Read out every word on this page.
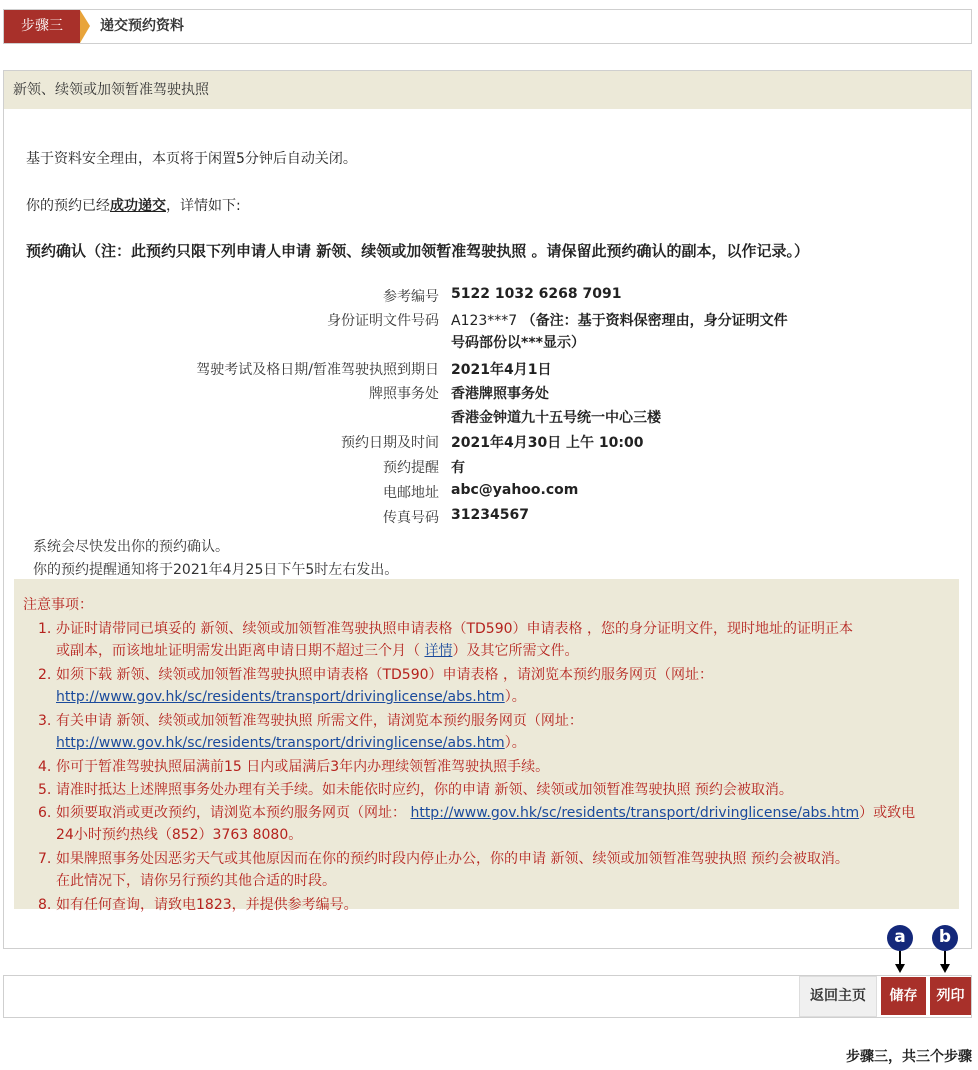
步骤三	递交预约资料
新领、续领或加领暂准驾驶执照
基于资料安全理由，本页将于闲置5分钟后自动关闭。
你的预约已经成功递交，详情如下:
预约确认（注：此预约只限下列申请人申请 新领、续领或加领暂准驾驶执照 。请保留此预约确认的副本，以作记录。）
参考编号 5122 1032 6268 7091
身份证明文件号码 A123***7 （备注：基于资料保密理由，身分证明文件
号码部份以***显示）
驾驶考试及格日期/暂准驾驶执照到期日 2021年4月1日
牌照事务处 香港牌照事务处
香港金钟道九十五号统一中心三楼
预约日期及时间 2021年4月30日 上午 10:00
预约提醒 有
电邮地址 abc@yahoo.com
传真号码 31234567
系统会尽快发出你的预约确认。
你的预约提醒通知将于2021年4月25日下午5时左右发出。
注意事项：
1. 办证时请带同已填妥的 新领、续领或加领暂准驾驶执照申请表格（TD590）申请表格 ，您的身分证明文件，现时地址的证明正本
或副本，而该地址证明需发出距离申请日期不超过三个月（ 详情）及其它所需文件。
2. 如须下载 新领、续领或加领暂准驾驶执照申请表格（TD590）申请表格 ，请浏览本预约服务网页（网址：
http://www.gov.hk/sc/residents/transport/drivinglicense/abs.htm）。
3. 有关申请 新领、续领或加领暂准驾驶执照 所需文件，请浏览本预约服务网页（网址：
http://www.gov.hk/sc/residents/transport/drivinglicense/abs.htm）。
4. 你可于暂准驾驶执照届满前15 日内或届满后3年内办理续领暂准驾驶执照手续。
5. 请准时抵达上述牌照事务处办理有关手续。如未能依时应约，你的申请 新领、续领或加领暂准驾驶执照 预约会被取消。
6. 如须要取消或更改预约，请浏览本预约服务网页（网址： http://www.gov.hk/sc/residents/transport/drivinglicense/abs.htm）或致电
24小时预约热线（852）3763 8080。
7. 如果牌照事务处因恶劣天气或其他原因而在你的预约时段内停止办公，你的申请 新领、续领或加领暂准驾驶执照 预约会被取消。
在此情况下，请你另行预约其他合适的时段。
8. 如有任何查询，请致电1823，并提供参考编号。
a	b
返回主页	储存	列印
步骤三，共三个步骤
